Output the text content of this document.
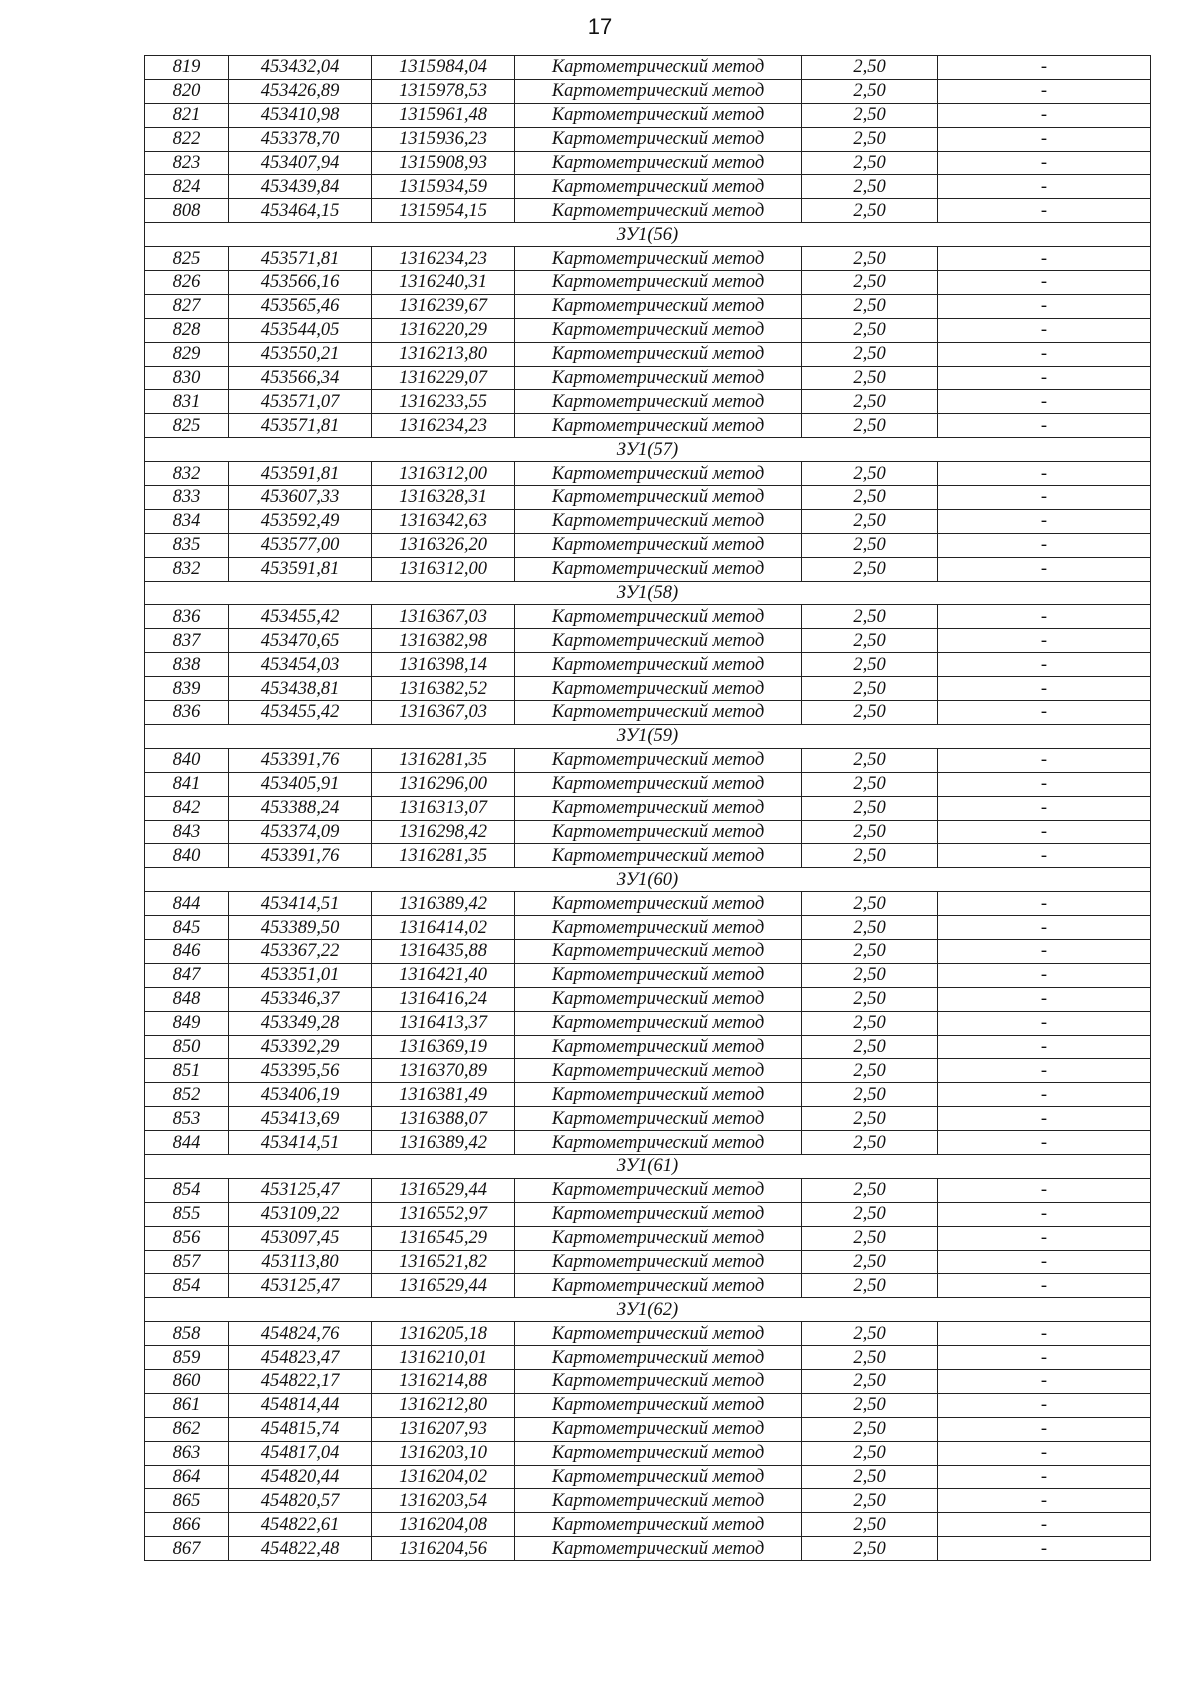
17
819	453432,04	1315984,04	Картометрический метод	2,50	-
820	453426,89	1315978,53	Картометрический метод	2,50	-
821	453410,98	1315961,48	Картометрический метод	2,50	-
822	453378,70	1315936,23	Картометрический метод	2,50	-
823	453407,94	1315908,93	Картометрический метод	2,50	-
824	453439,84	1315934,59	Картометрический метод	2,50	-
808	453464,15	1315954,15	Картометрический метод	2,50	-
ЗУ1(56)					
825	453571,81	1316234,23	Картометрический метод	2,50	-
826	453566,16	1316240,31	Картометрический метод	2,50	-
827	453565,46	1316239,67	Картометрический метод	2,50	-
828	453544,05	1316220,29	Картометрический метод	2,50	-
829	453550,21	1316213,80	Картометрический метод	2,50	-
830	453566,34	1316229,07	Картометрический метод	2,50	-
831	453571,07	1316233,55	Картометрический метод	2,50	-
825	453571,81	1316234,23	Картометрический метод	2,50	-
ЗУ1(57)					
832	453591,81	1316312,00	Картометрический метод	2,50	-
833	453607,33	1316328,31	Картометрический метод	2,50	-
834	453592,49	1316342,63	Картометрический метод	2,50	-
835	453577,00	1316326,20	Картометрический метод	2,50	-
832	453591,81	1316312,00	Картометрический метод	2,50	-
ЗУ1(58)					
836	453455,42	1316367,03	Картометрический метод	2,50	-
837	453470,65	1316382,98	Картометрический метод	2,50	-
838	453454,03	1316398,14	Картометрический метод	2,50	-
839	453438,81	1316382,52	Картометрический метод	2,50	-
836	453455,42	1316367,03	Картометрический метод	2,50	-
ЗУ1(59)					
840	453391,76	1316281,35	Картометрический метод	2,50	-
841	453405,91	1316296,00	Картометрический метод	2,50	-
842	453388,24	1316313,07	Картометрический метод	2,50	-
843	453374,09	1316298,42	Картометрический метод	2,50	-
840	453391,76	1316281,35	Картометрический метод	2,50	-
ЗУ1(60)					
844	453414,51	1316389,42	Картометрический метод	2,50	-
845	453389,50	1316414,02	Картометрический метод	2,50	-
846	453367,22	1316435,88	Картометрический метод	2,50	-
847	453351,01	1316421,40	Картометрический метод	2,50	-
848	453346,37	1316416,24	Картометрический метод	2,50	-
849	453349,28	1316413,37	Картометрический метод	2,50	-
850	453392,29	1316369,19	Картометрический метод	2,50	-
851	453395,56	1316370,89	Картометрический метод	2,50	-
852	453406,19	1316381,49	Картометрический метод	2,50	-
853	453413,69	1316388,07	Картометрический метод	2,50	-
844	453414,51	1316389,42	Картометрический метод	2,50	-
ЗУ1(61)					
854	453125,47	1316529,44	Картометрический метод	2,50	-
855	453109,22	1316552,97	Картометрический метод	2,50	-
856	453097,45	1316545,29	Картометрический метод	2,50	-
857	453113,80	1316521,82	Картометрический метод	2,50	-
854	453125,47	1316529,44	Картометрический метод	2,50	-
ЗУ1(62)					
858	454824,76	1316205,18	Картометрический метод	2,50	-
859	454823,47	1316210,01	Картометрический метод	2,50	-
860	454822,17	1316214,88	Картометрический метод	2,50	-
861	454814,44	1316212,80	Картометрический метод	2,50	-
862	454815,74	1316207,93	Картометрический метод	2,50	-
863	454817,04	1316203,10	Картометрический метод	2,50	-
864	454820,44	1316204,02	Картометрический метод	2,50	-
865	454820,57	1316203,54	Картометрический метод	2,50	-
866	454822,61	1316204,08	Картометрический метод	2,50	-
867	454822,48	1316204,56	Картометрический метод	2,50	-
